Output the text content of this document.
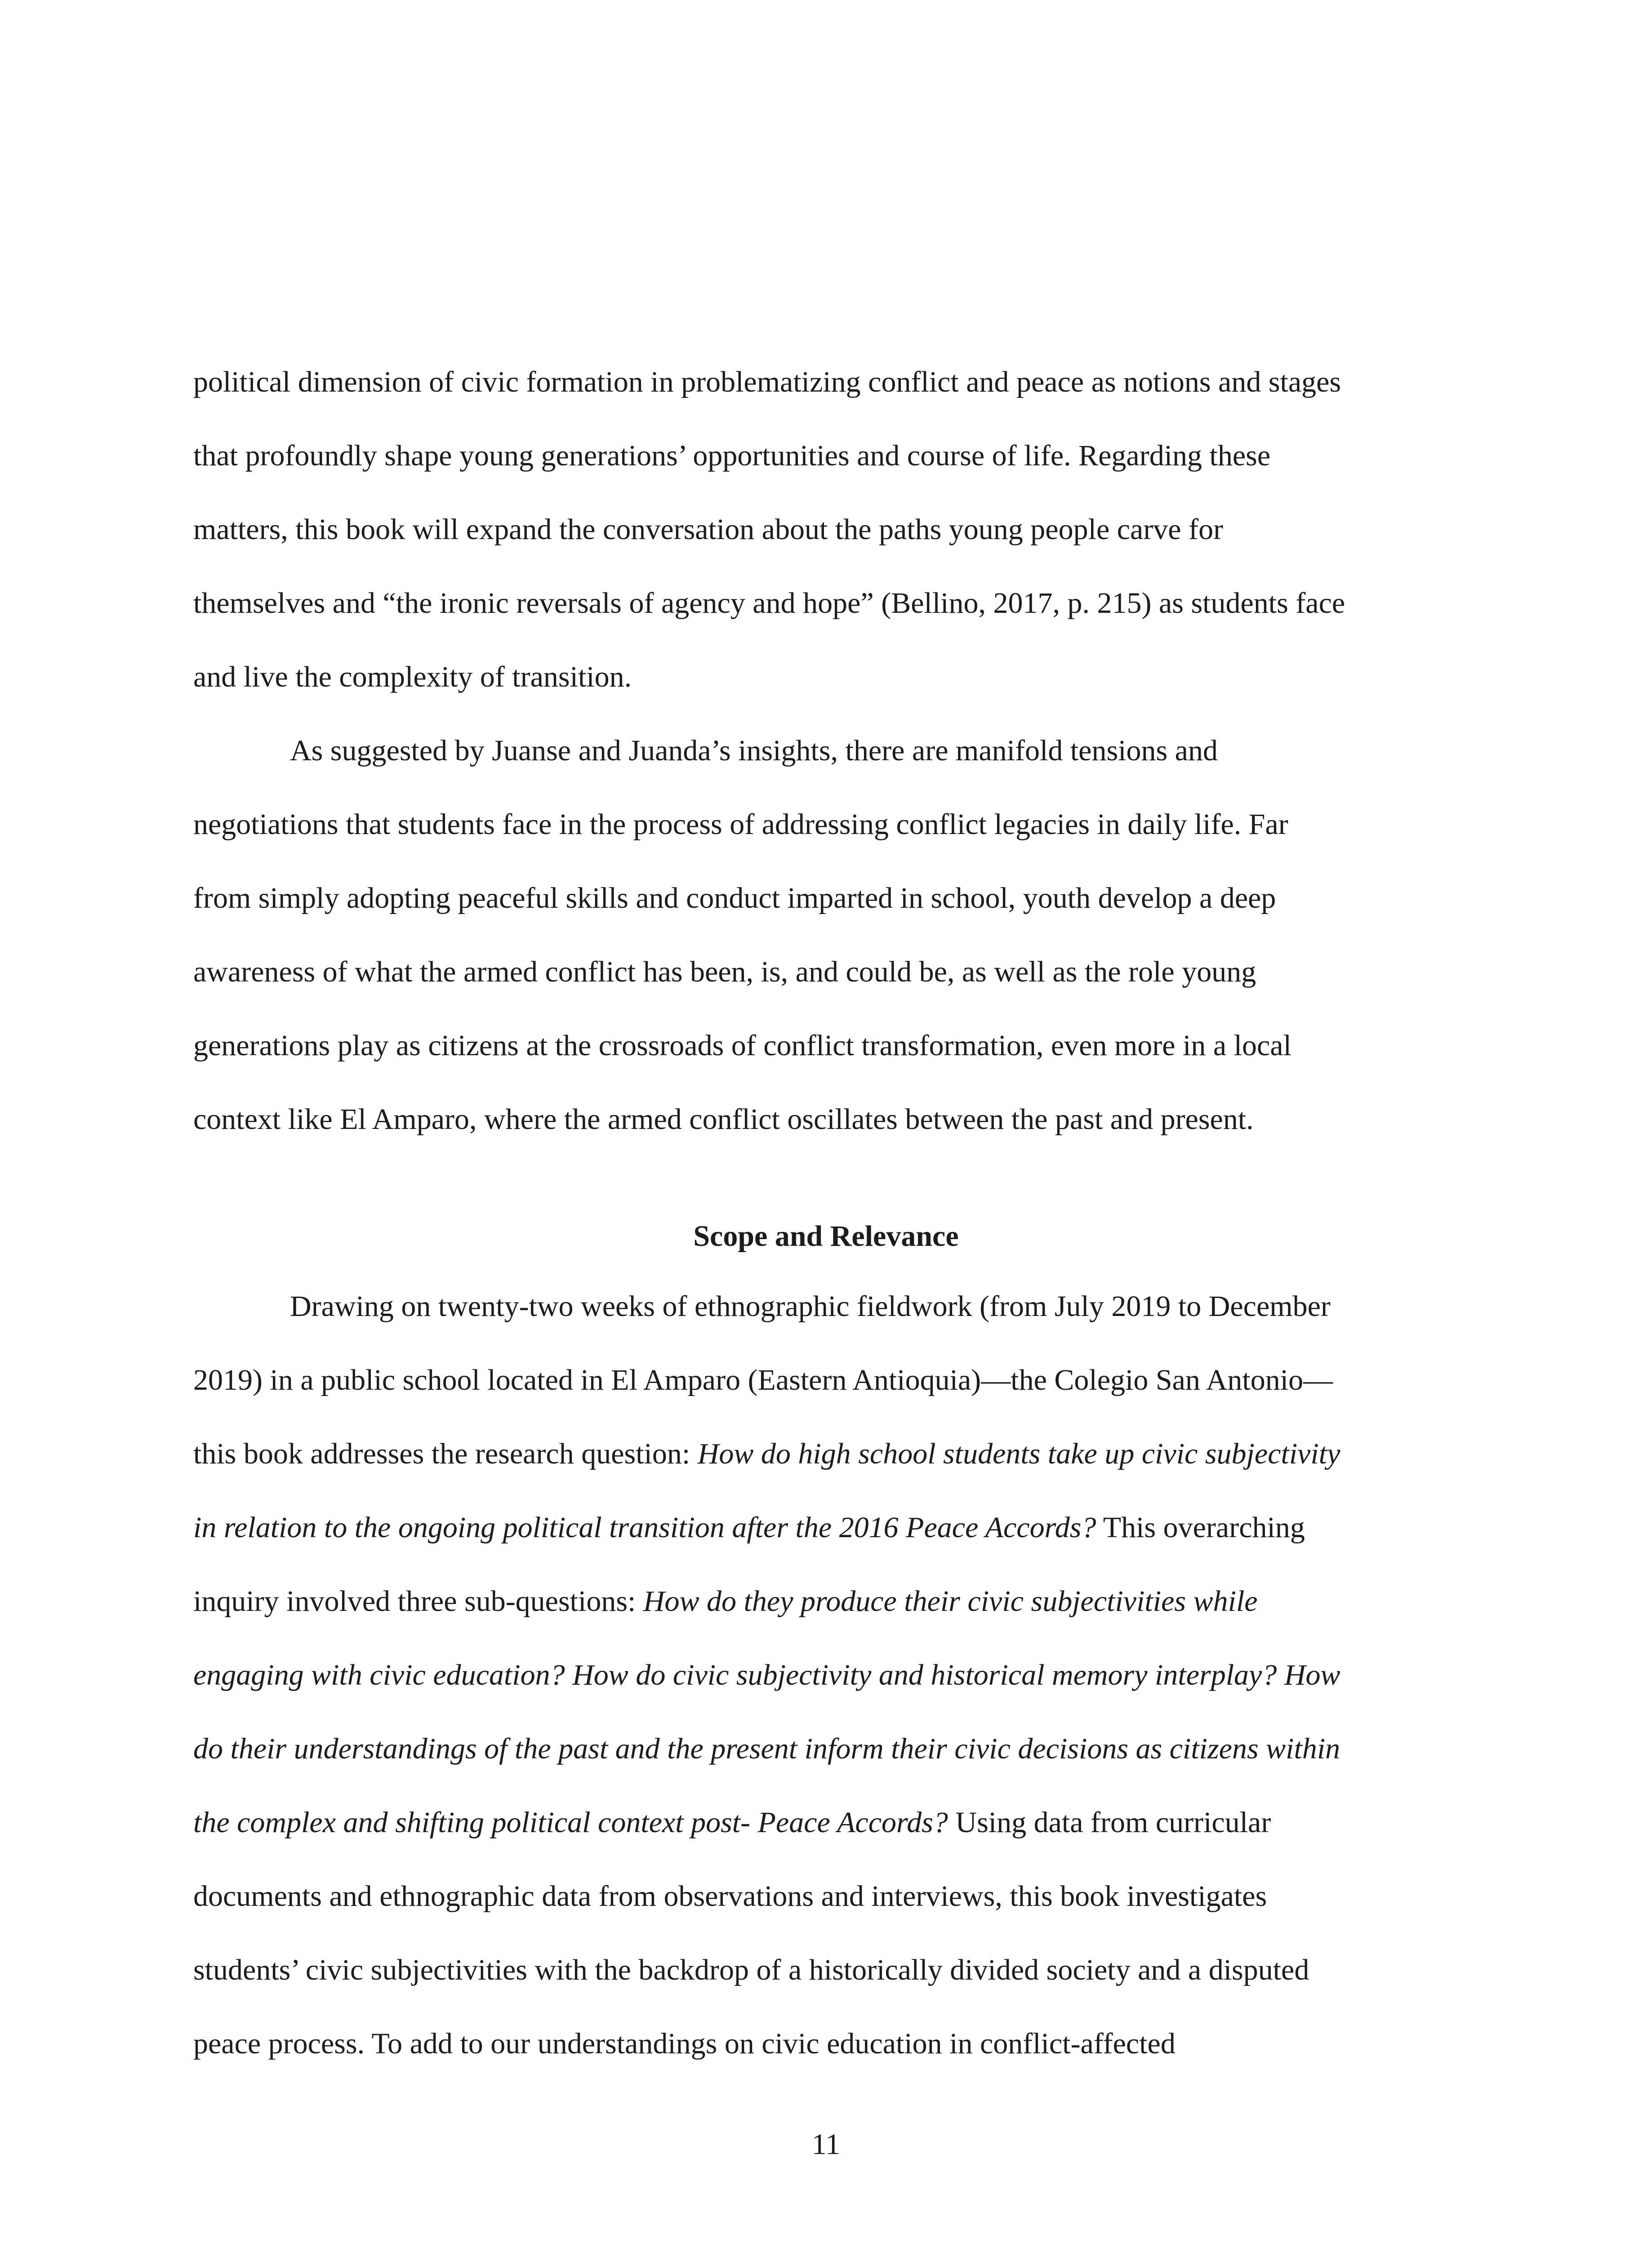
political dimension of civic formation in problematizing conflict and peace as notions and stages
that profoundly shape young generations’ opportunities and course of life. Regarding these
matters, this book will expand the conversation about the paths young people carve for
themselves and “the ironic reversals of agency and hope” (Bellino, 2017, p. 215) as students face
and live the complexity of transition.
As suggested by Juanse and Juanda’s insights, there are manifold tensions and
negotiations that students face in the process of addressing conflict legacies in daily life. Far
from simply adopting peaceful skills and conduct imparted in school, youth develop a deep
awareness of what the armed conflict has been, is, and could be, as well as the role young
generations play as citizens at the crossroads of conflict transformation, even more in a local
context like El Amparo, where the armed conflict oscillates between the past and present.
Scope and Relevance
Drawing on twenty-two weeks of ethnographic fieldwork (from July 2019 to December
2019) in a public school located in El Amparo (Eastern Antioquia)—the Colegio San Antonio—
this book addresses the research question: How do high school students take up civic subjectivity
in relation to the ongoing political transition after the 2016 Peace Accords? This overarching
inquiry involved three sub-questions: How do they produce their civic subjectivities while
engaging with civic education? How do civic subjectivity and historical memory interplay? How
do their understandings of the past and the present inform their civic decisions as citizens within
the complex and shifting political context post- Peace Accords? Using data from curricular
documents and ethnographic data from observations and interviews, this book investigates
students’ civic subjectivities with the backdrop of a historically divided society and a disputed
peace process. To add to our understandings on civic education in conflict-affected
11
